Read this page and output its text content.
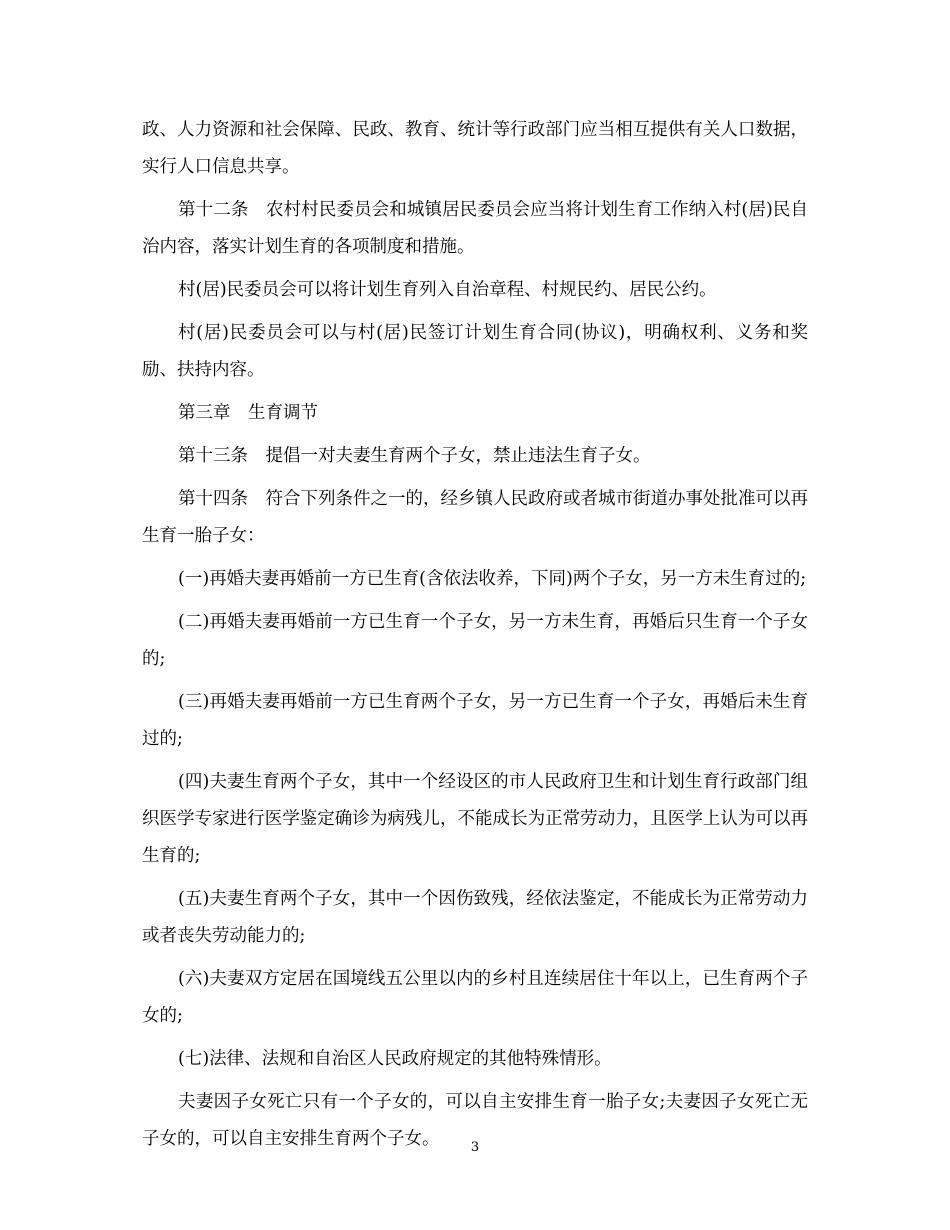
政、人力资源和社会保障、民政、教育、统计等行政部门应当相互提供有关人口数据，实行人口信息共享。

第十二条　农村村民委员会和城镇居民委员会应当将计划生育工作纳入村(居)民自治内容，落实计划生育的各项制度和措施。

村(居)民委员会可以将计划生育列入自治章程、村规民约、居民公约。

村(居)民委员会可以与村(居)民签订计划生育合同(协议)，明确权利、义务和奖励、扶持内容。

第三章　生育调节

第十三条　提倡一对夫妻生育两个子女，禁止违法生育子女。

第十四条　符合下列条件之一的，经乡镇人民政府或者城市街道办事处批准可以再生育一胎子女：

(一)再婚夫妻再婚前一方已生育(含依法收养，下同)两个子女，另一方未生育过的;

(二)再婚夫妻再婚前一方已生育一个子女，另一方未生育，再婚后只生育一个子女的;

(三)再婚夫妻再婚前一方已生育两个子女，另一方已生育一个子女，再婚后未生育过的;

(四)夫妻生育两个子女，其中一个经设区的市人民政府卫生和计划生育行政部门组织医学专家进行医学鉴定确诊为病残儿，不能成长为正常劳动力，且医学上认为可以再生育的;

(五)夫妻生育两个子女，其中一个因伤致残，经依法鉴定，不能成长为正常劳动力或者丧失劳动能力的;

(六)夫妻双方定居在国境线五公里以内的乡村且连续居住十年以上，已生育两个子女的;

(七)法律、法规和自治区人民政府规定的其他特殊情形。

夫妻因子女死亡只有一个子女的，可以自主安排生育一胎子女;夫妻因子女死亡无子女的，可以自主安排生育两个子女。	3
